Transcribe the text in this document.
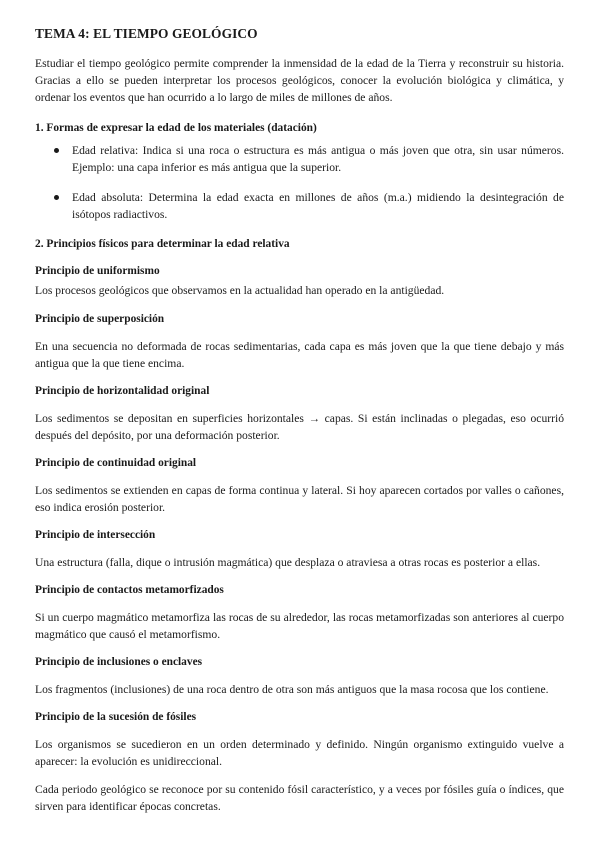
TEMA 4: EL TIEMPO GEOLÓGICO

Estudiar el tiempo geológico permite comprender la inmensidad de la edad de la Tierra y reconstruir su historia. Gracias a ello se pueden interpretar los procesos geológicos, conocer la evolución biológica y climática, y ordenar los eventos que han ocurrido a lo largo de miles de millones de años.

1. Formas de expresar la edad de los materiales (datación)
Edad relativa: Indica si una roca o estructura es más antigua o más joven que otra, sin usar números. Ejemplo: una capa inferior es más antigua que la superior.
Edad absoluta: Determina la edad exacta en millones de años (m.a.) midiendo la desintegración de isótopos radiactivos.
2. Principios físicos para determinar la edad relativa
Principio de uniformismo

Los procesos geológicos que observamos en la actualidad han operado en la antigüedad.

Principio de superposición

En una secuencia no deformada de rocas sedimentarias, cada capa es más joven que la que tiene debajo y más antigua que la que tiene encima.

Principio de horizontalidad original

Los sedimentos se depositan en superficies horizontales → capas. Si están inclinadas o plegadas, eso ocurrió después del depósito, por una deformación posterior.

Principio de continuidad original

Los sedimentos se extienden en capas de forma continua y lateral. Si hoy aparecen cortados por valles o cañones, eso indica erosión posterior.

Principio de intersección

Una estructura (falla, dique o intrusión magmática) que desplaza o atraviesa a otras rocas es posterior a ellas.

Principio de contactos metamorfizados

Si un cuerpo magmático metamorfiza las rocas de su alrededor, las rocas metamorfizadas son anteriores al cuerpo magmático que causó el metamorfismo.

Principio de inclusiones o enclaves

Los fragmentos (inclusiones) de una roca dentro de otra son más antiguos que la masa rocosa que los contiene.

Principio de la sucesión de fósiles

Los organismos se sucedieron en un orden determinado y definido. Ningún organismo extinguido vuelve a aparecer: la evolución es unidireccional.

Cada periodo geológico se reconoce por su contenido fósil característico, y a veces por fósiles guía o índices, que sirven para identificar épocas concretas.
